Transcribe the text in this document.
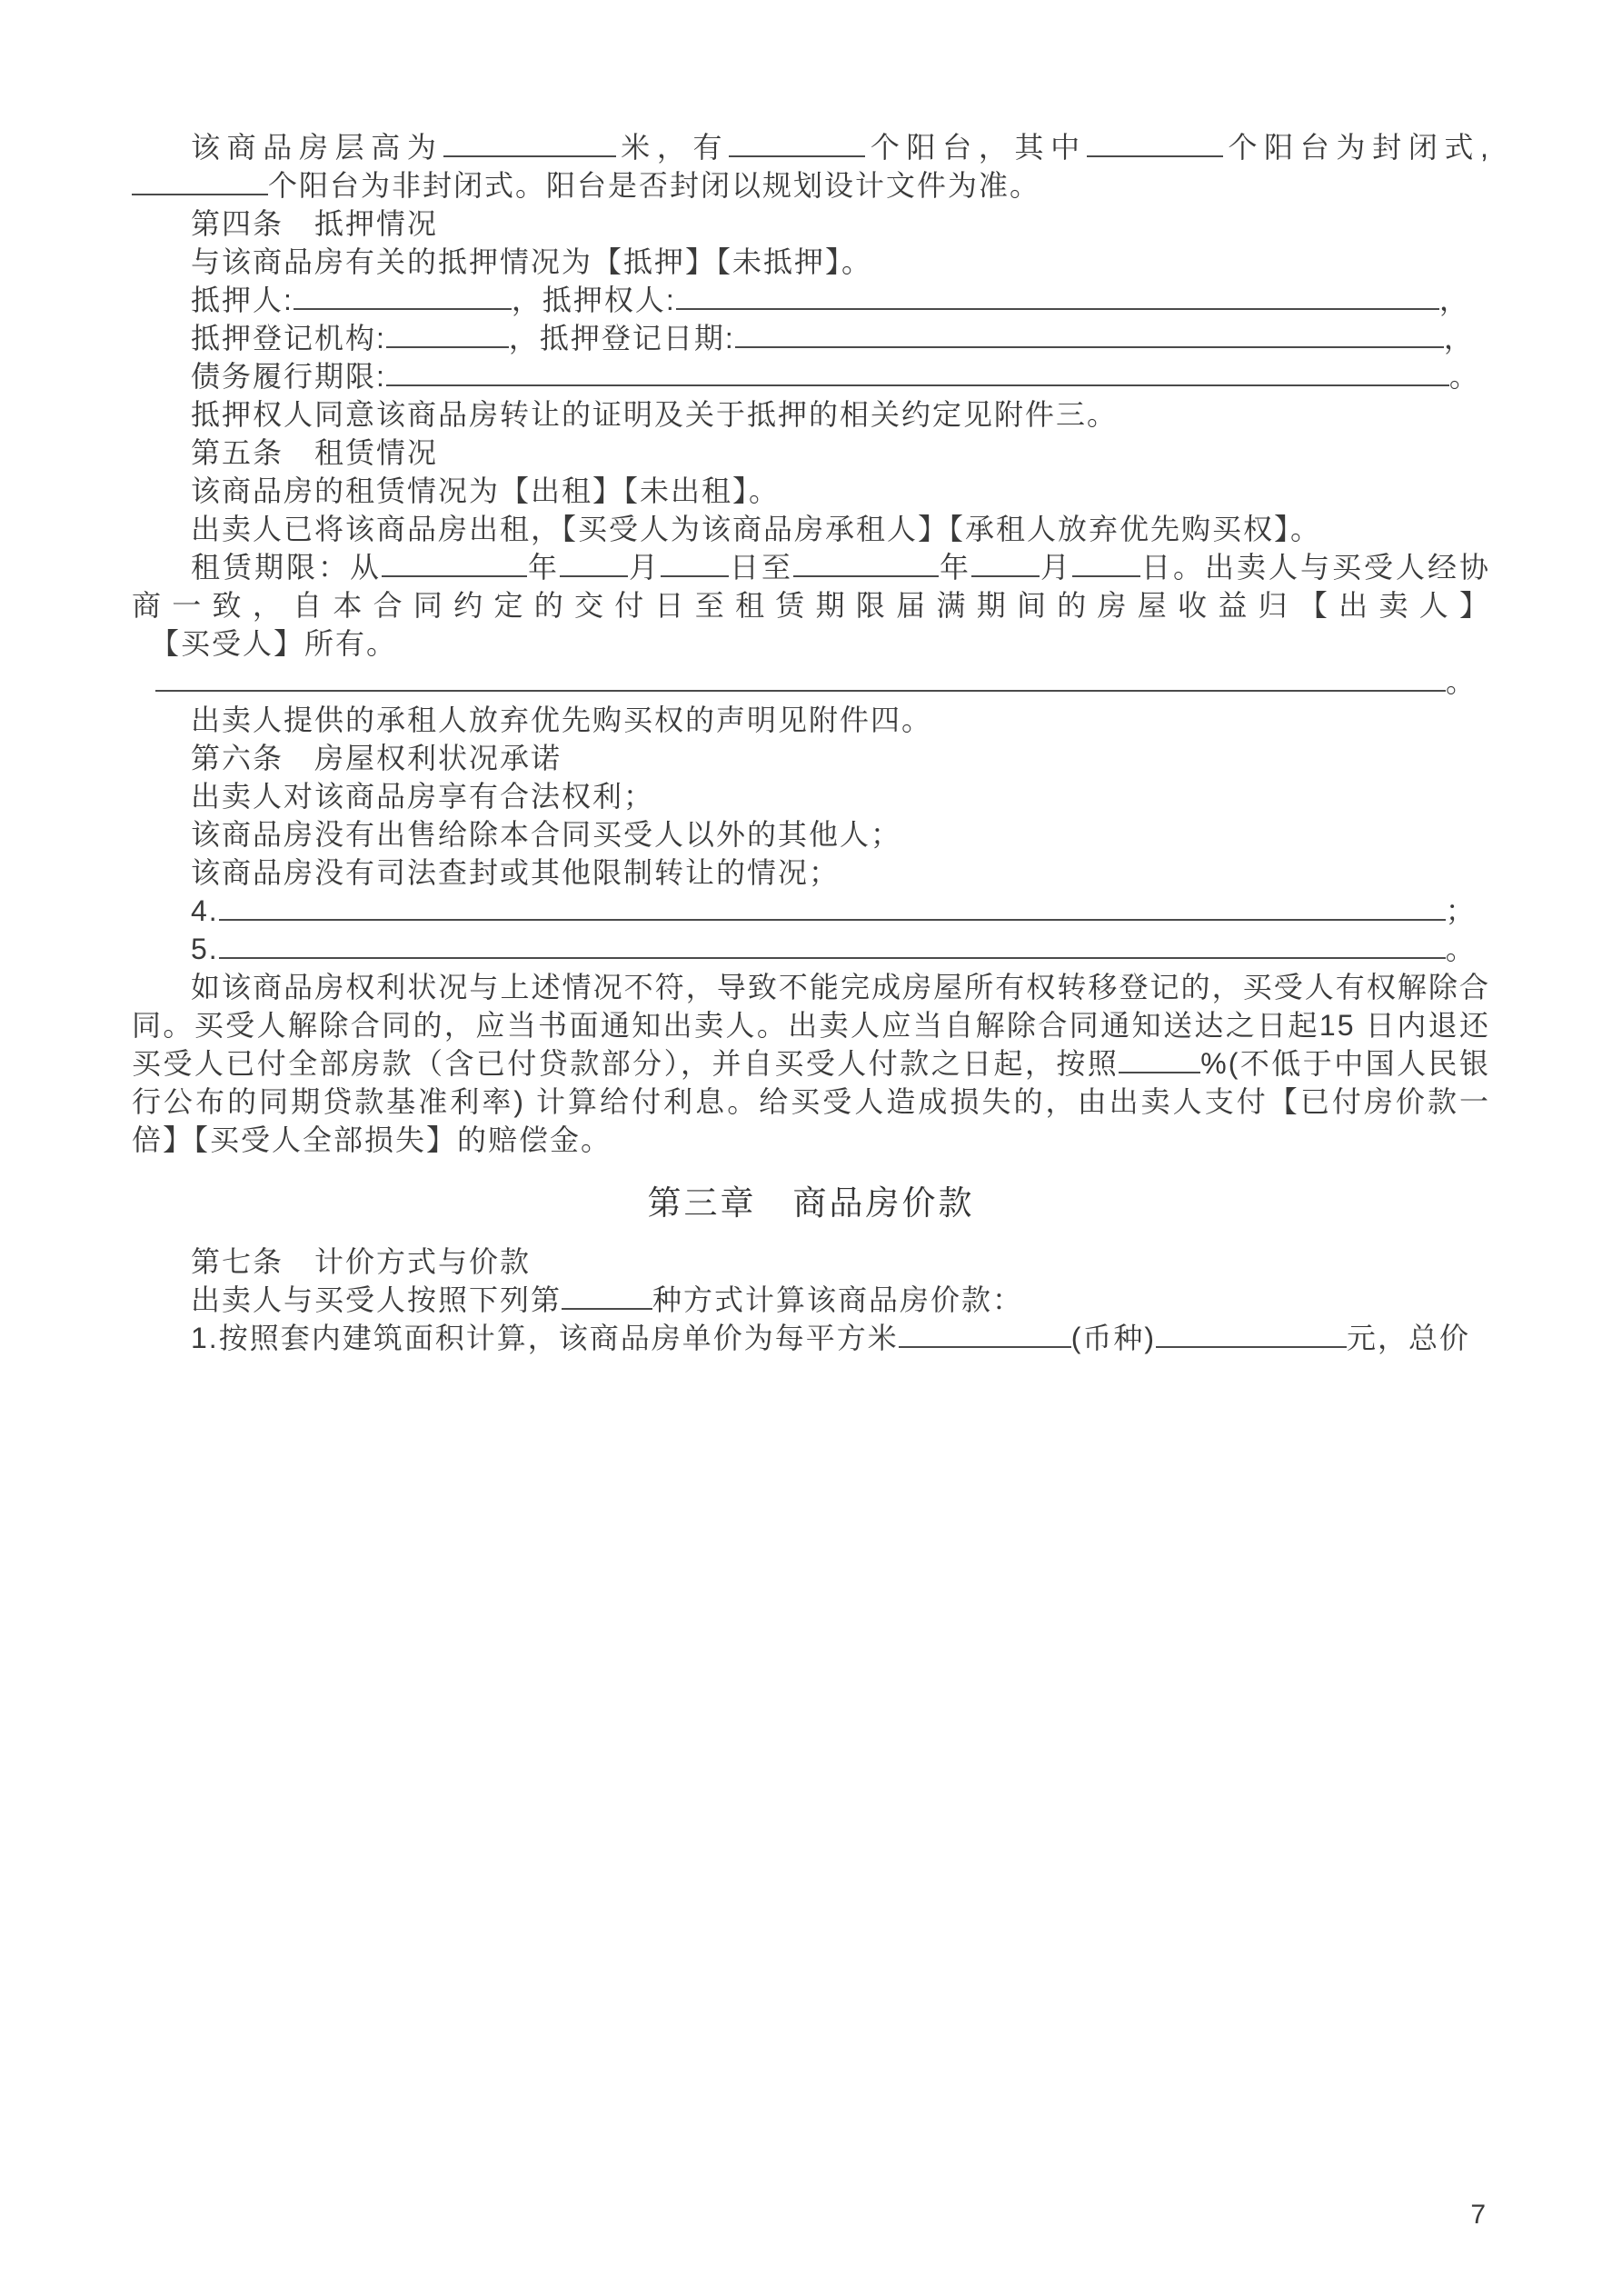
该商品房层高为	米，有	个阳台，其中	个阳台为封闭式,个阳台为非封闭式。阳台是否封闭以规划设计文件为准。

第四条　抵押情况

与该商品房有关的抵押情况为【抵押】【未抵押】。

抵押人:	，抵押权人:	，

抵押登记机构:	，抵押登记日期:	，

债务履行期限:	。

抵押权人同意该商品房转让的证明及关于抵押的相关约定见附件三。

第五条　租赁情况

该商品房的租赁情况为【出租】【未出租】。

出卖人已将该商品房出租，【买受人为该商品房承租人】【承租人放弃优先购买权】。

租赁期限：从	年 月 日至	年 月 日。出卖人与买受人经协商一致，自本合同约定的交付日至租赁期限届满期间的房屋收益归【出卖人】

【买受人】所有。

。

出卖人提供的承租人放弃优先购买权的声明见附件四。

第六条　房屋权利状况承诺

出卖人对该商品房享有合法权利；

该商品房没有出售给除本合同买受人以外的其他人；

该商品房没有司法查封或其他限制转让的情况；

4.	；

5.	。

如该商品房权利状况与上述情况不符，导致不能完成房屋所有权转移登记的，买受人有权解除合同。买受人解除合同的，应当书面通知出卖人。出卖人应当自解除合同通知送达之日起15 日内退还买受人已付全部房款（含已付贷款部分），并自买受人付款之日起，按照	%(不低于中国人民银行公布的同期贷款基准利率) 计算给付利息。给买受人造成损失的，由出卖人支付【已付房价款一倍】【买受人全部损失】的赔偿金。

第三章　商品房价款

第七条　计价方式与价款

出卖人与买受人按照下列第	种方式计算该商品房价款：

1.按照套内建筑面积计算，该商品房单价为每平方米	(币种)	元，总价

7
